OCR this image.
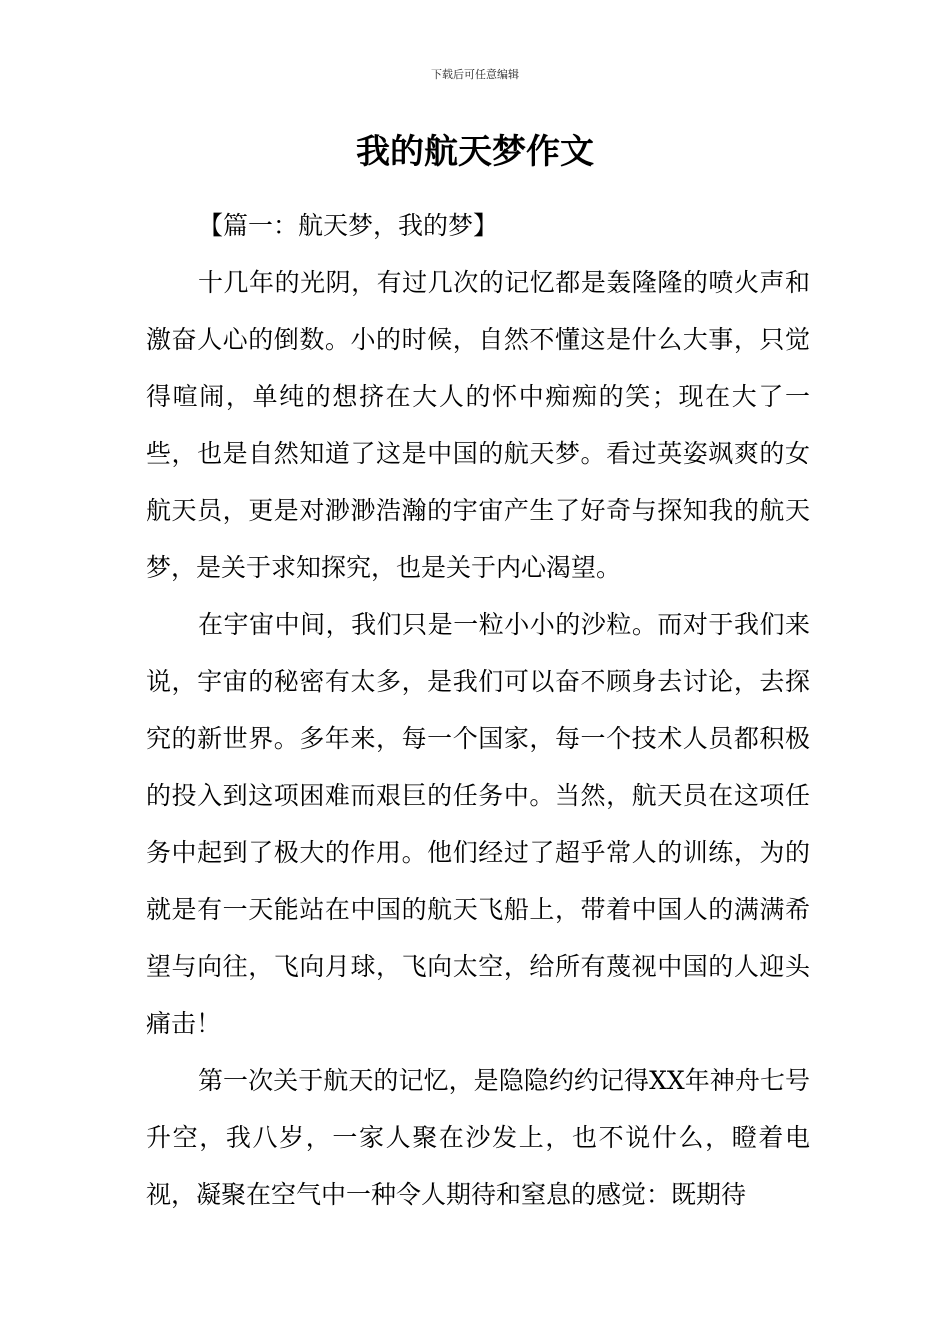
下载后可任意编辑
我的航天梦作文

【篇一：航天梦，我的梦】

十几年的光阴，有过几次的记忆都是轰隆隆的喷火声和激奋人心的倒数。小的时候，自然不懂这是什么大事，只觉得喧闹，单纯的想挤在大人的怀中痴痴的笑；现在大了一些，也是自然知道了这是中国的航天梦。看过英姿飒爽的女航天员，更是对渺渺浩瀚的宇宙产生了好奇与探知我的航天梦，是关于求知探究，也是关于内心渴望。

在宇宙中间，我们只是一粒小小的沙粒。而对于我们来说，宇宙的秘密有太多，是我们可以奋不顾身去讨论，去探究的新世界。多年来，每一个国家，每一个技术人员都积极的投入到这项困难而艰巨的任务中。当然，航天员在这项任务中起到了极大的作用。他们经过了超乎常人的训练，为的就是有一天能站在中国的航天飞船上，带着中国人的满满希望与向往，飞向月球，飞向太空，给所有蔑视中国的人迎头痛击！

第一次关于航天的记忆，是隐隐约约记得XX年神舟七号升空，我八岁，一家人聚在沙发上，也不说什么，瞪着电视，凝聚在空气中一种令人期待和窒息的感觉：既期待
